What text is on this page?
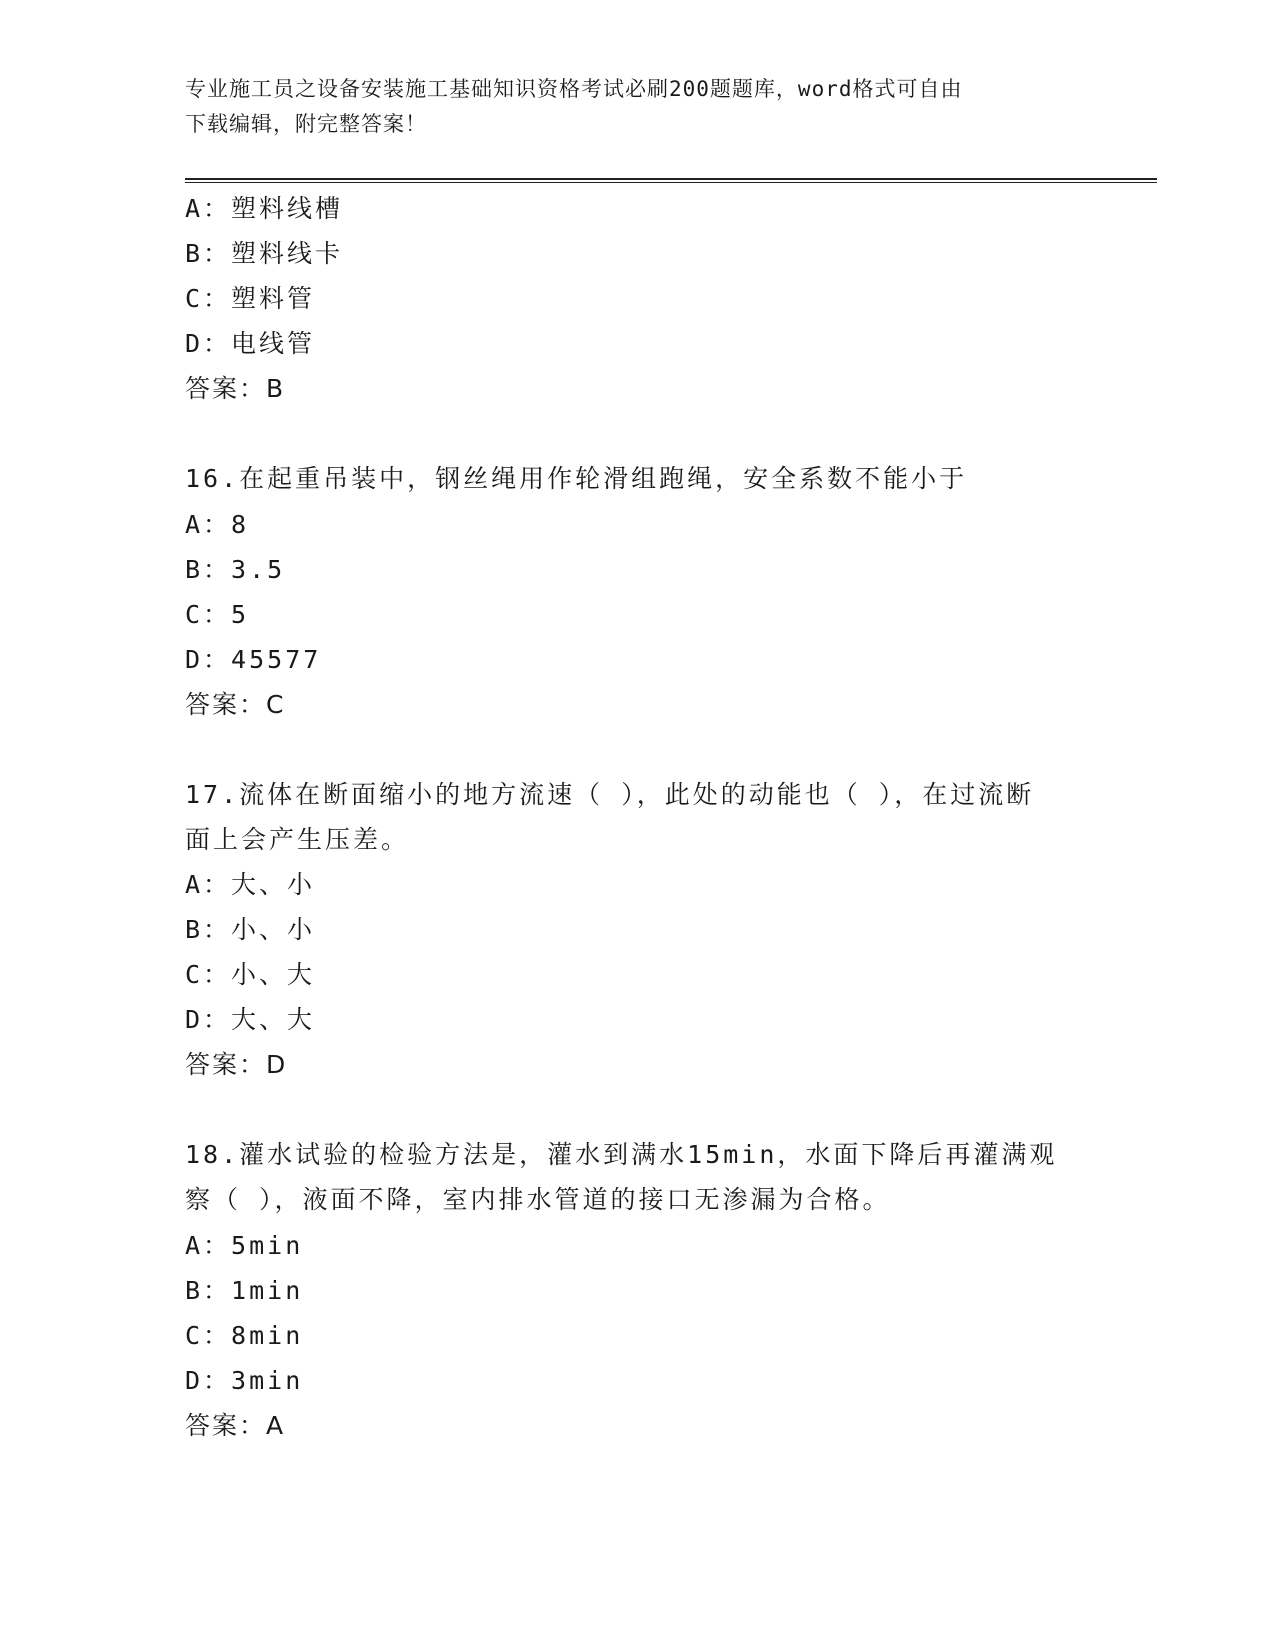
专业施工员之设备安装施工基础知识资格考试必刷200题题库，word格式可自由
下载编辑，附完整答案！
A：塑料线槽
B：塑料线卡
C：塑料管
D：电线管
答案：B
16.在起重吊装中，钢丝绳用作轮滑组跑绳，安全系数不能小于
A：8
B：3.5
C：5
D：45577
答案：C
17.流体在断面缩小的地方流速（ ），此处的动能也（ ），在过流断
面上会产生压差。
A：大、小
B：小、小
C：小、大
D：大、大
答案：D
18.灌水试验的检验方法是，灌水到满水15min，水面下降后再灌满观
察（ ），液面不降，室内排水管道的接口无渗漏为合格。
A：5min
B：1min
C：8min
D：3min
答案：A
